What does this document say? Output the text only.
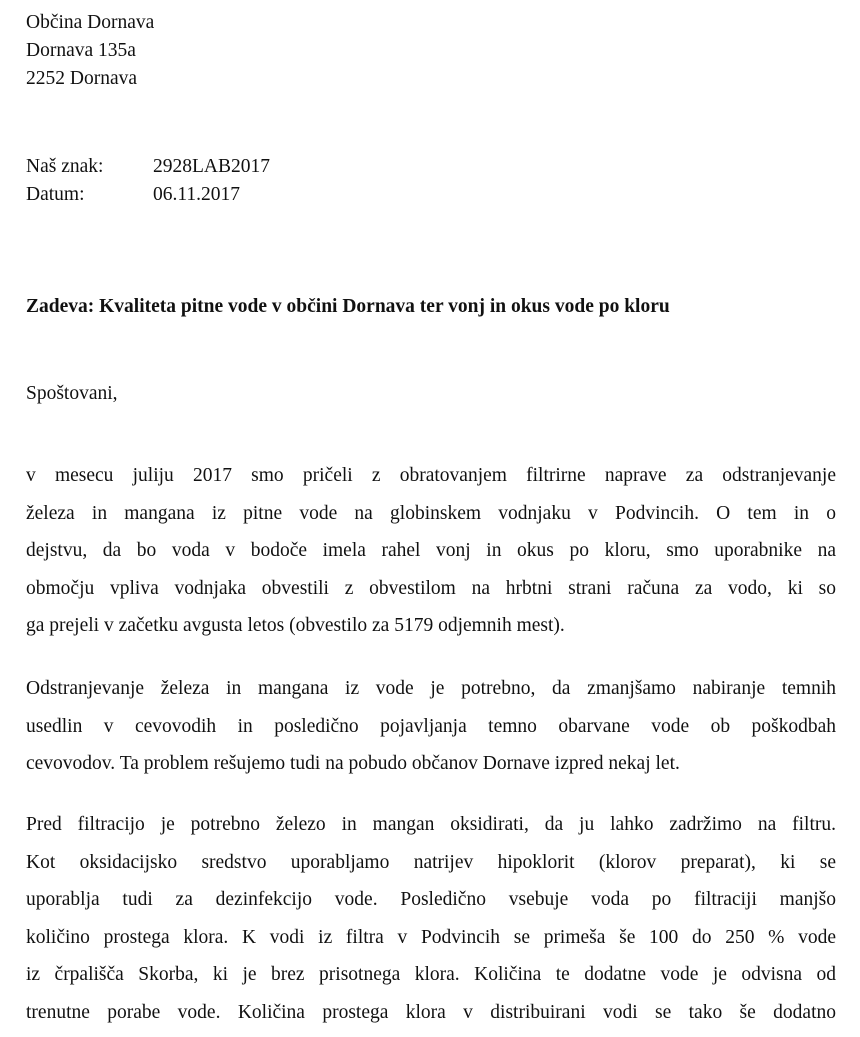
Občina Dornava
Dornava 135a
2252 Dornava
Naš znak:	2928LAB2017
Datum:	06.11.2017
Zadeva: Kvaliteta pitne vode v občini Dornava ter vonj in okus vode po kloru
Spoštovani,
v mesecu juliju 2017 smo pričeli z obratovanjem filtrirne naprave za odstranjevanje
železa in mangana iz pitne vode na globinskem vodnjaku v Podvincih. O tem in o
dejstvu, da bo voda v bodoče imela rahel vonj in okus po kloru, smo uporabnike na
območju vpliva vodnjaka obvestili z obvestilom na hrbtni strani računa za vodo, ki so
ga prejeli v začetku avgusta letos (obvestilo za 5179 odjemnih mest).
Odstranjevanje železa in mangana iz vode je potrebno, da zmanjšamo nabiranje temnih
usedlin v cevovodih in posledično pojavljanja temno obarvane vode ob poškodbah
cevovodov. Ta problem rešujemo tudi na pobudo občanov Dornave izpred nekaj let.
Pred filtracijo je potrebno železo in mangan oksidirati, da ju lahko zadržimo na filtru.
Kot oksidacijsko sredstvo uporabljamo natrijev hipoklorit (klorov preparat), ki se
uporablja tudi za dezinfekcijo vode. Posledično vsebuje voda po filtraciji manjšo
količino prostega klora. K vodi iz filtra v Podvincih se primeša še 100 do 250 % vode
iz črpališča Skorba, ki je brez prisotnega klora. Količina te dodatne vode je odvisna od
trenutne porabe vode. Količina prostega klora v distribuirani vodi se tako še dodatno
